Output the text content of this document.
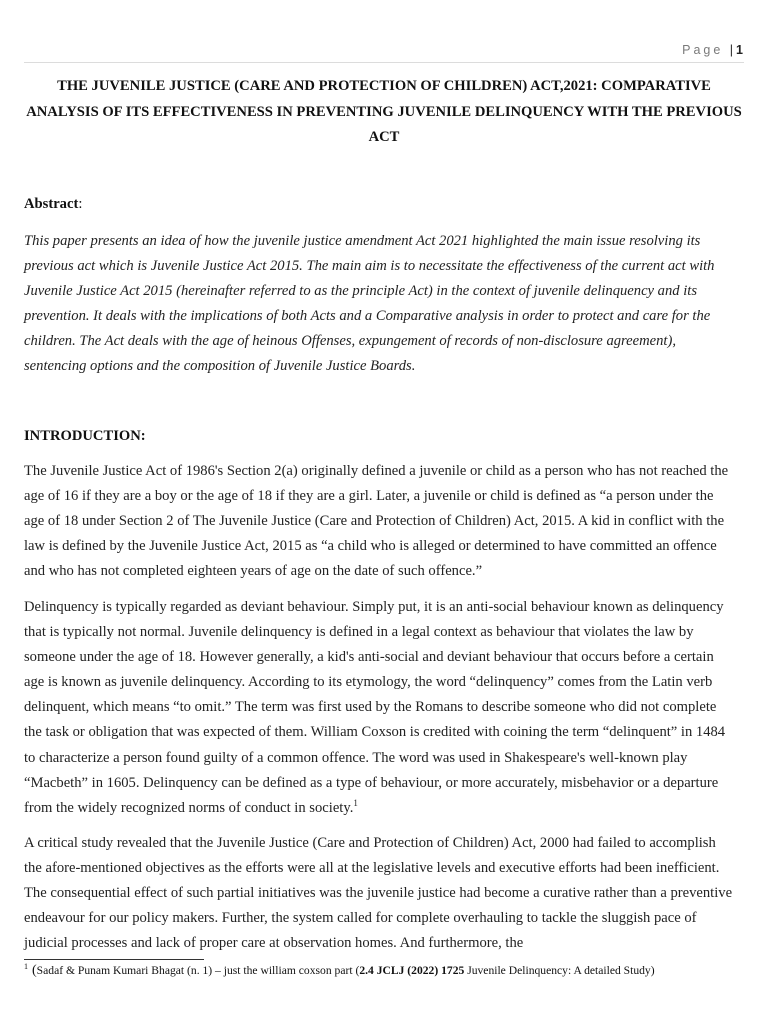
Page | 1
THE JUVENILE JUSTICE (CARE AND PROTECTION OF CHILDREN) ACT,2021: COMPARATIVE ANALYSIS OF ITS EFFECTIVENESS IN PREVENTING JUVENILE DELINQUENCY WITH THE PREVIOUS ACT
Abstract:
This paper presents an idea of how the juvenile justice amendment Act 2021 highlighted the main issue resolving its previous act which is Juvenile Justice Act 2015. The main aim is to necessitate the effectiveness of the current act with Juvenile Justice Act 2015 (hereinafter referred to as the principle Act) in the context of juvenile delinquency and its prevention. It deals with the implications of both Acts and a Comparative analysis in order to protect and care for the children. The Act deals with the age of heinous Offenses, expungement of records of non-disclosure agreement), sentencing options and the composition of Juvenile Justice Boards.
INTRODUCTION:
The Juvenile Justice Act of 1986's Section 2(a) originally defined a juvenile or child as a person who has not reached the age of 16 if they are a boy or the age of 18 if they are a girl. Later, a juvenile or child is defined as “a person under the age of 18 under Section 2 of The Juvenile Justice (Care and Protection of Children) Act, 2015. A kid in conflict with the law is defined by the Juvenile Justice Act, 2015 as “a child who is alleged or determined to have committed an offence and who has not completed eighteen years of age on the date of such offence.”
Delinquency is typically regarded as deviant behaviour. Simply put, it is an anti-social behaviour known as delinquency that is typically not normal. Juvenile delinquency is defined in a legal context as behaviour that violates the law by someone under the age of 18. However generally, a kid's anti-social and deviant behaviour that occurs before a certain age is known as juvenile delinquency. According to its etymology, the word “delinquency” comes from the Latin verb delinquent, which means “to omit.” The term was first used by the Romans to describe someone who did not complete the task or obligation that was expected of them. William Coxson is credited with coining the term “delinquent” in 1484 to characterize a person found guilty of a common offence. The word was used in Shakespeare's well-known play “Macbeth” in 1605. Delinquency can be defined as a type of behaviour, or more accurately, misbehavior or a departure from the widely recognized norms of conduct in society.$^1$
A critical study revealed that the Juvenile Justice (Care and Protection of Children) Act, 2000 had failed to accomplish the afore-mentioned objectives as the efforts were all at the legislative levels and executive efforts had been inefficient. The consequential effect of such partial initiatives was the juvenile justice had become a curative rather than a preventive endeavour for our policy makers. Further, the system called for complete overhauling to tackle the sluggish pace of judicial processes and lack of proper care at observation homes. And furthermore, the
$^1$ (Sadaf & Punam Kumari Bhagat (n. 1) – just the william coxson part (2.4 JCLJ (2022) 1725 Juvenile Delinquency: A detailed Study)
